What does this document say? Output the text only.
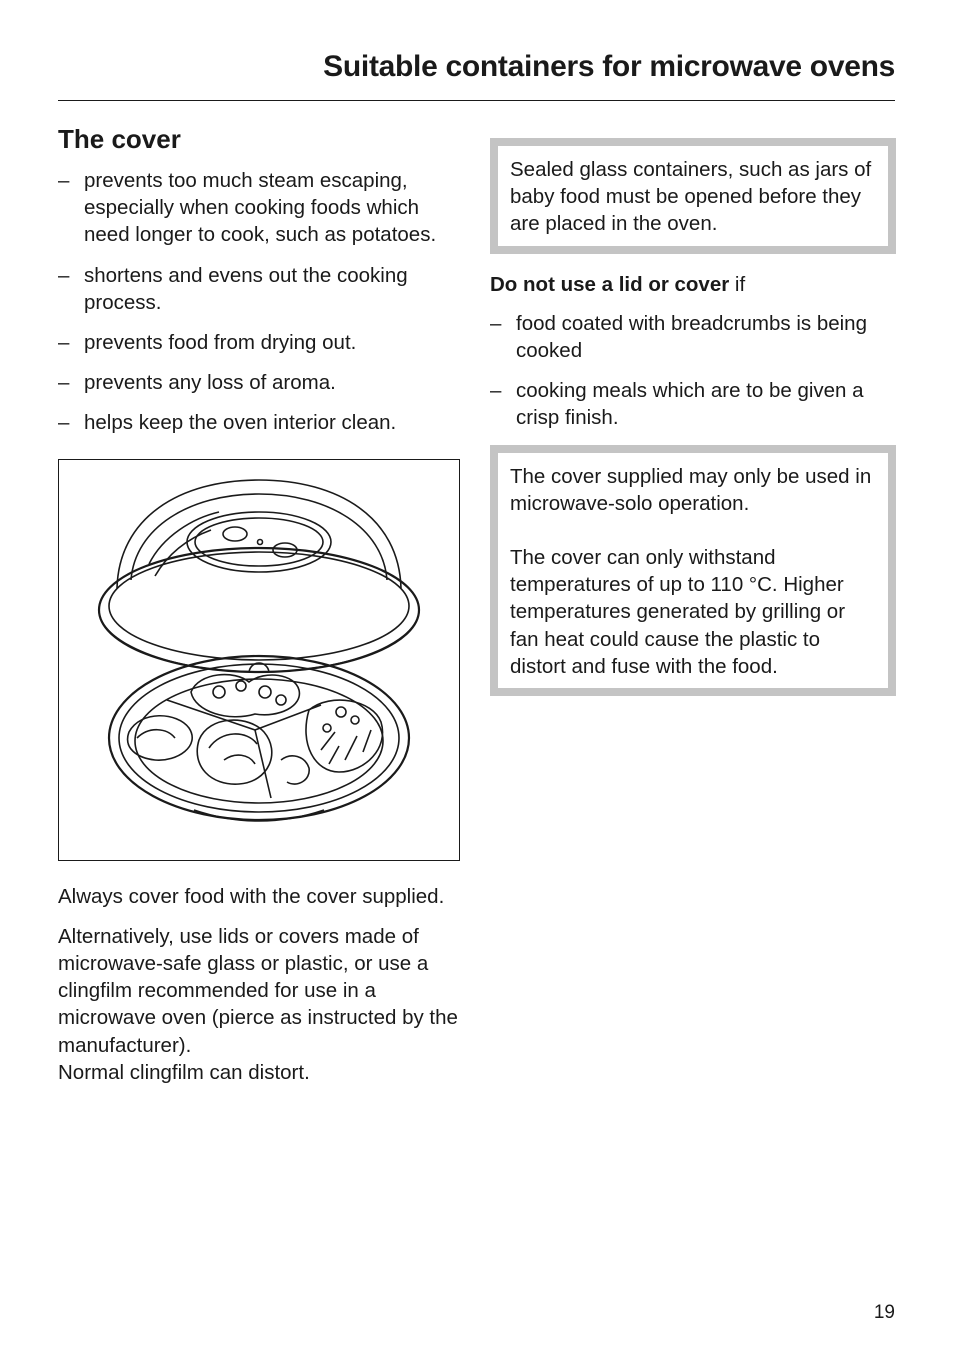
Suitable containers for microwave ovens
The cover
– prevents too much steam escaping, especially when cooking foods which need longer to cook, such as potatoes.
– shortens and evens out the cooking process.
– prevents food from drying out.
– prevents any loss of aroma.
– helps keep the oven interior clean.

Always cover food with the cover supplied.

Alternatively, use lids or covers made of microwave-safe glass or plastic, or use a clingfilm recommended for use in a microwave oven (pierce as instructed by the manufacturer).
Normal clingfilm can distort.

Sealed glass containers, such as jars of baby food must be opened before they are placed in the oven.

Do not use a lid or cover if

– food coated with breadcrumbs is being cooked
– cooking meals which are to be given a crisp finish.

The cover supplied may only be used in microwave-solo operation.

The cover can only withstand temperatures of up to 110 °C. Higher temperatures generated by grilling or fan heat could cause the plastic to distort and fuse with the food.

19
